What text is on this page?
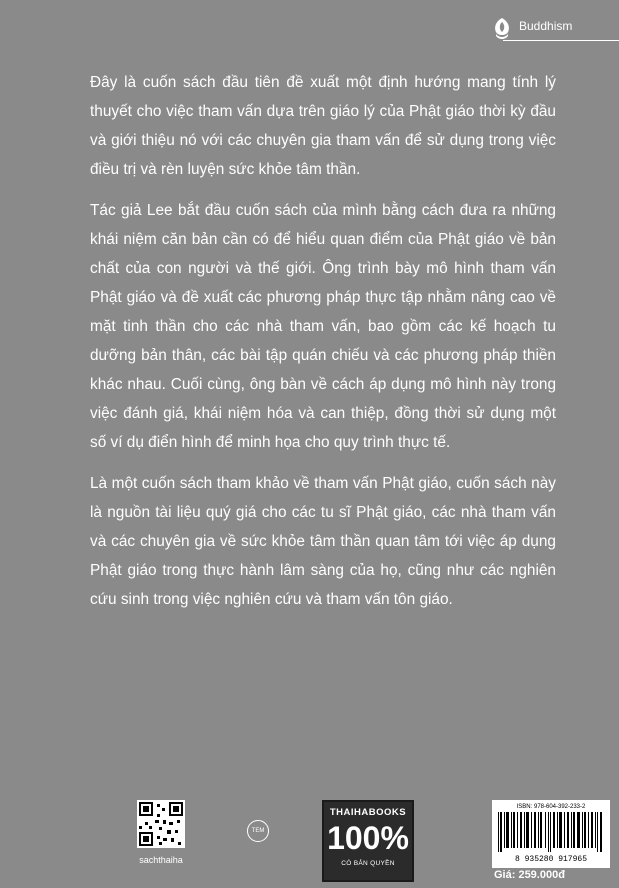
Buddhism

Đây là cuốn sách đầu tiên đề xuất một định hướng mang tính lý thuyết cho việc tham vấn dựa trên giáo lý của Phật giáo thời kỳ đầu và giới thiệu nó với các chuyên gia tham vấn để sử dụng trong việc điều trị và rèn luyện sức khỏe tâm thần.

Tác giả Lee bắt đầu cuốn sách của mình bằng cách đưa ra những khái niệm căn bản cần có để hiểu quan điểm của Phật giáo về bản chất của con người và thế giới. Ông trình bày mô hình tham vấn Phật giáo và đề xuất các phương pháp thực tập nhằm nâng cao về mặt tinh thần cho các nhà tham vấn, bao gồm các kế hoạch tu dưỡng bản thân, các bài tập quán chiếu và các phương pháp thiền khác nhau. Cuối cùng, ông bàn về cách áp dụng mô hình này trong việc đánh giá, khái niệm hóa và can thiệp, đồng thời sử dụng một số ví dụ điển hình để minh họa cho quy trình thực tế.

Là một cuốn sách tham khảo về tham vấn Phật giáo, cuốn sách này là nguồn tài liệu quý giá cho các tu sĩ Phật giáo, các nhà tham vấn và các chuyên gia về sức khỏe tâm thần quan tâm tới việc áp dụng Phật giáo trong thực hành lâm sàng của họ, cũng như các nghiên cứu sinh trong việc nghiên cứu và tham vấn tôn giáo.

sachthaiha
TEM
THAIHABOOKS
100%
CÓ BẢN QUYỀN
ISBN: 978-604-392-233-2
8 935280 917965
Giá: 259.000đ
